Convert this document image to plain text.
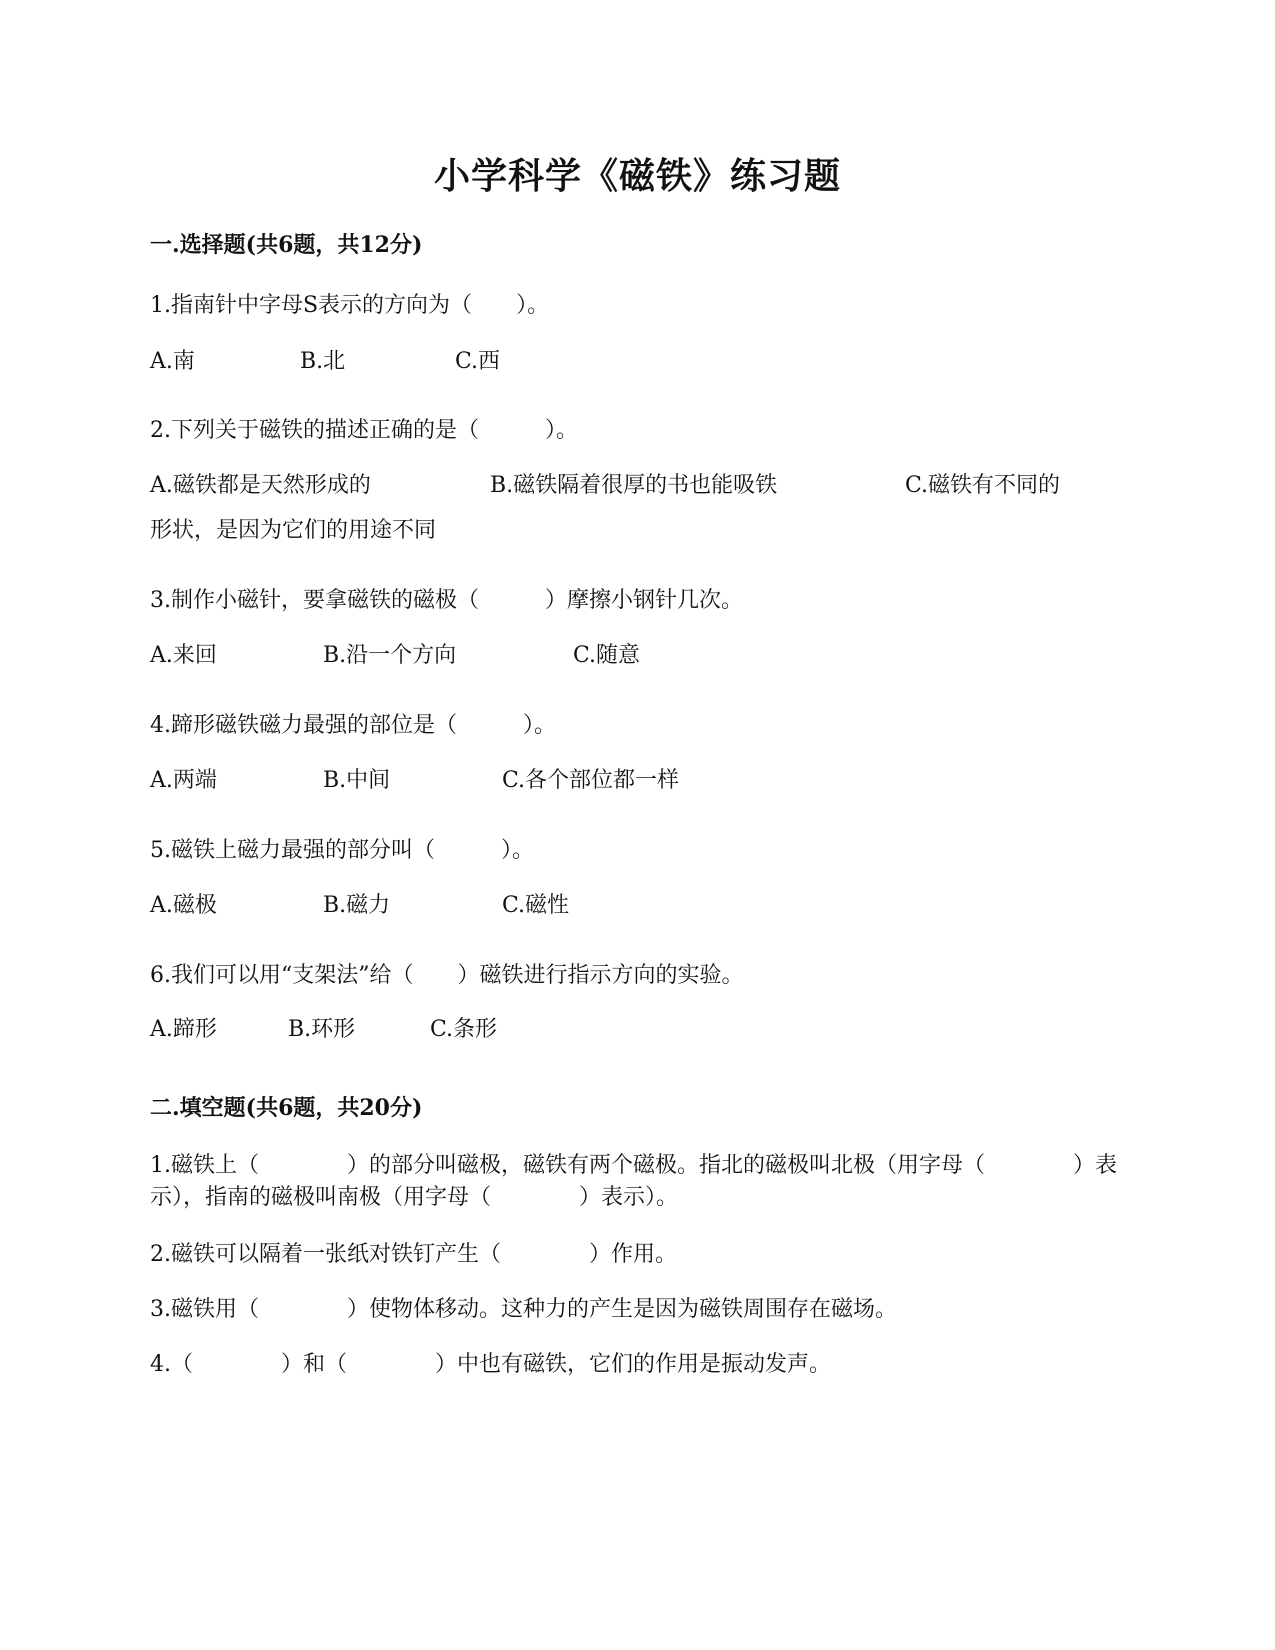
小学科学《磁铁》练习题
一.选择题(共6题，共12分)
1.指南针中字母S表示的方向为（　　）。
A.南	B.北	C.西
2.下列关于磁铁的描述正确的是（　　　）。
A.磁铁都是天然形成的	B.磁铁隔着很厚的书也能吸铁	C.磁铁有不同的
形状，是因为它们的用途不同
3.制作小磁针，要拿磁铁的磁极（　　　）摩擦小钢针几次。
A.来回	B.沿一个方向	C.随意
4.蹄形磁铁磁力最强的部位是（　　　）。
A.两端	B.中间	C.各个部位都一样
5.磁铁上磁力最强的部分叫（　　　）。
A.磁极	B.磁力	C.磁性
6.我们可以用“支架法”给（　　）磁铁进行指示方向的实验。
A.蹄形	B.环形	C.条形
二.填空题(共6题，共20分)
1.磁铁上（　　　　）的部分叫磁极，磁铁有两个磁极。指北的磁极叫北极（用字母（　　　　）表示），指南的磁极叫南极（用字母（　　　　）表示）。
2.磁铁可以隔着一张纸对铁钉产生（　　　　）作用。
3.磁铁用（　　　　）使物体移动。这种力的产生是因为磁铁周围存在磁场。
4.（　　　　）和（　　　　）中也有磁铁，它们的作用是振动发声。
